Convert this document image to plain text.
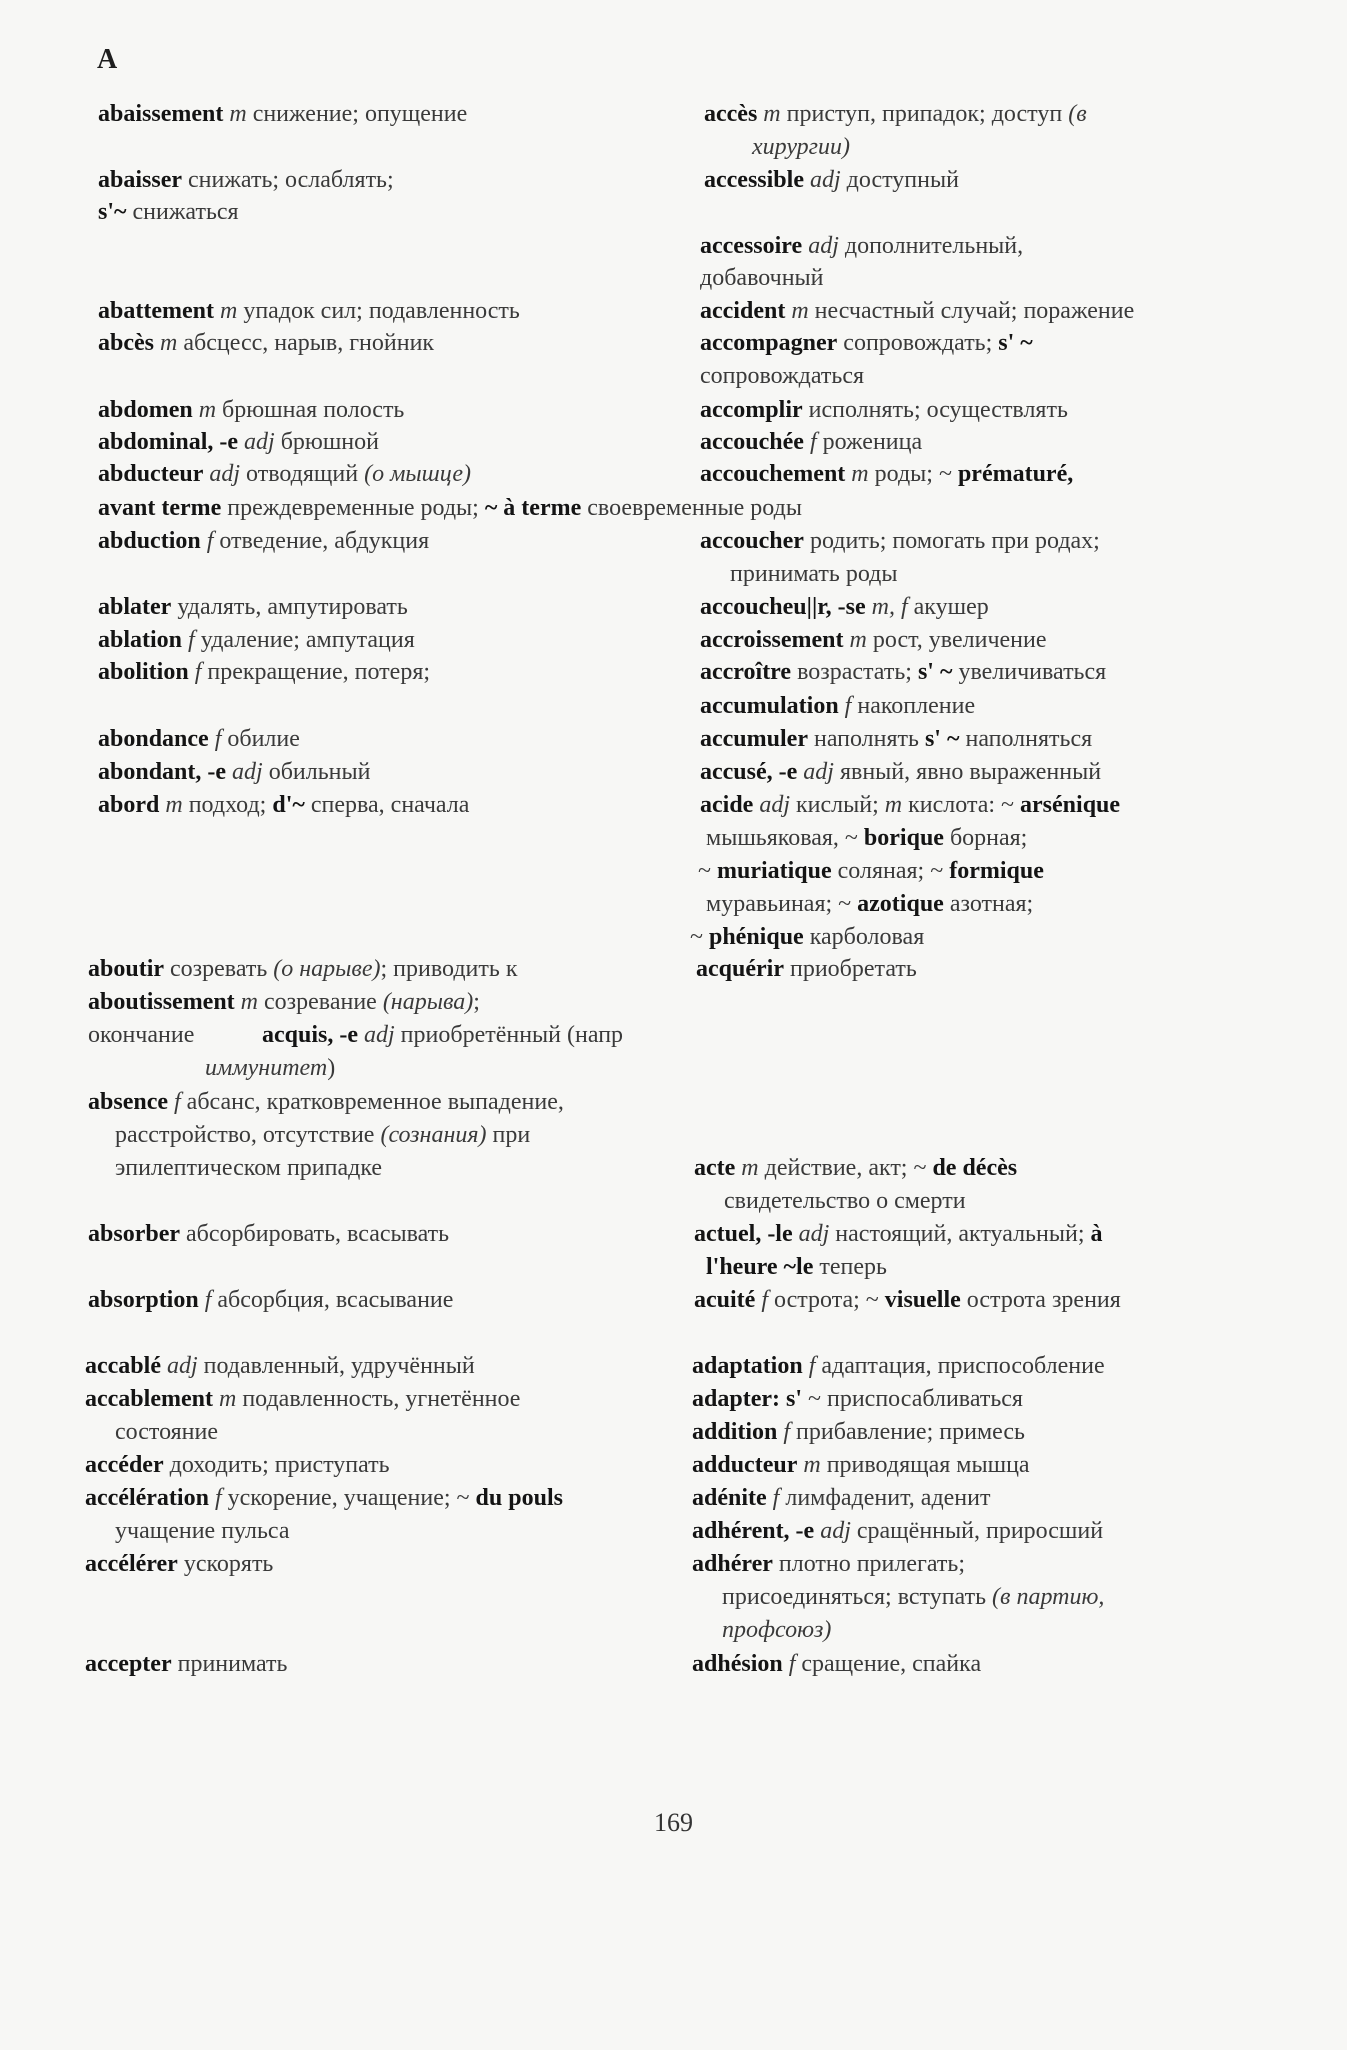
A
abaissement m снижение; опущение
abaisser снижать; ослаблять;
s'~ снижаться
abattement m упадок сил; подавленность
abcès m абсцесс, нарыв, гнойник
abdomen m брюшная полость
abdominal, -e adj брюшной
abducteur adj отводящий (о мышце)
avant terme преждевременные роды; ~ à terme своевременные роды
abduction f отведение, абдукция
ablater удалять, ампутировать
ablation f удаление; ампутация
abolition f прекращение, потеря;
abondance f обилие
abondant, -e adj обильный
abord m подход; d'~ сперва, сначала
aboutir созревать (о нарыве); приводить к
aboutissement m созревание (нарыва);
окончание	acquis, -e adj приобретённый (напр
иммунитет)
absence f абсанс, кратковременное выпадение,
расстройство, отсутствие (сознания) при
эпилептическом припадке
absorber абсорбировать, всасывать
absorption f абсорбция, всасывание
accablé adj подавленный, удручённый
accablement m подавленность, угнетённое
состояние
accéder доходить; приступать
accélération f ускорение, учащение; ~ du pouls
учащение пульса
accélérer ускорять
accepter принимать
accès m приступ, припадок; доступ (в
хирургии)
accessible adj доступный
accessoire adj дополнительный,
добавочный
accident m несчастный случай; поражение
accompagner сопровождать; s' ~
сопровождаться
accomplir исполнять; осуществлять
accouchée f роженица
accouchement m роды; ~ prématuré,
accoucher родить; помогать при родах;
принимать роды
accoucheu||r, -se m, f акушер
accroissement m рост, увеличение
accroître возрастать; s' ~ увеличиваться
accumulation f накопление
accumuler наполнять s' ~ наполняться
accusé, -e adj явный, явно выраженный
acide adj кислый; m кислота: ~ arsénique
мышьяковая, ~ borique борная;
~ muriatique соляная; ~ formique
муравьиная; ~ azotique азотная;
~ phénique карболовая
acquérir приобретать
acte m действие, акт; ~ de décès
свидетельство о смерти
actuel, -le adj настоящий, актуальный; à
l'heure ~le теперь
acuité f острота; ~ visuelle острота зрения
adaptation f адаптация, приспособление
adapter: s' ~ приспосабливаться
addition f прибавление; примесь
adducteur m приводящая мышца
adénite f лимфаденит, аденит
adhérent, -e adj сращённый, приросший
adhérer плотно прилегать;
присоединяться; вступать (в партию,
профсоюз)
adhésion f сращение, спайка
169
